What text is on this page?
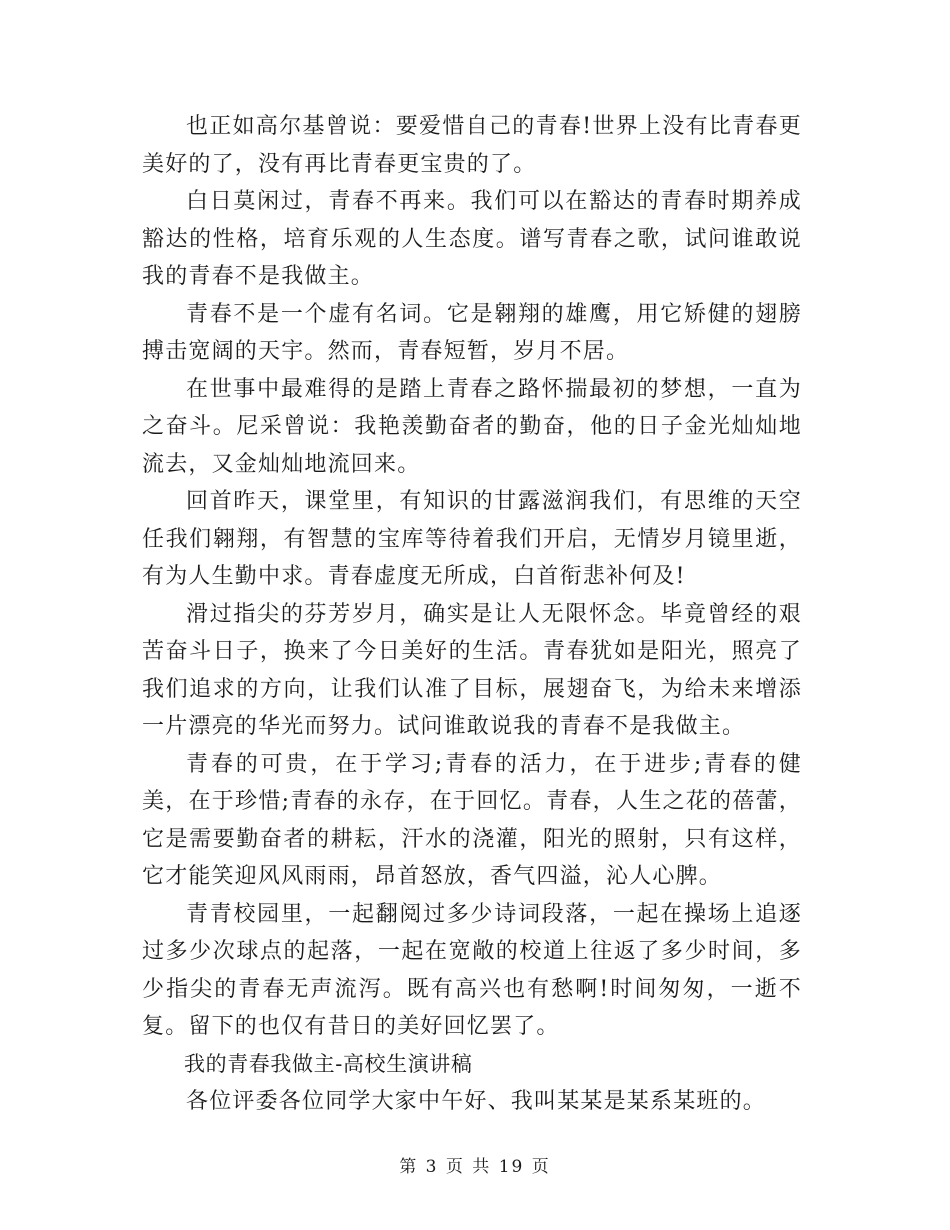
也正如高尔基曾说：要爱惜自己的青春!世界上没有比青春更美好的了，没有再比青春更宝贵的了。

白日莫闲过，青春不再来。我们可以在豁达的青春时期养成豁达的性格，培育乐观的人生态度。谱写青春之歌，试问谁敢说我的青春不是我做主。

青春不是一个虚有名词。它是翱翔的雄鹰，用它矫健的翅膀搏击宽阔的天宇。然而，青春短暂，岁月不居。

在世事中最难得的是踏上青春之路怀揣最初的梦想，一直为之奋斗。尼采曾说：我艳羡勤奋者的勤奋，他的日子金光灿灿地流去，又金灿灿地流回来。

回首昨天，课堂里，有知识的甘露滋润我们，有思维的天空任我们翱翔，有智慧的宝库等待着我们开启，无情岁月镜里逝，有为人生勤中求。青春虚度无所成，白首衔悲补何及!

滑过指尖的芬芳岁月，确实是让人无限怀念。毕竟曾经的艰苦奋斗日子，换来了今日美好的生活。青春犹如是阳光，照亮了我们追求的方向，让我们认准了目标，展翅奋飞，为给未来增添一片漂亮的华光而努力。试问谁敢说我的青春不是我做主。

青春的可贵，在于学习;青春的活力，在于进步;青春的健美，在于珍惜;青春的永存，在于回忆。青春，人生之花的蓓蕾，它是需要勤奋者的耕耘，汗水的浇灌，阳光的照射，只有这样，它才能笑迎风风雨雨，昂首怒放，香气四溢，沁人心脾。

青青校园里，一起翻阅过多少诗词段落，一起在操场上追逐过多少次球点的起落，一起在宽敞的校道上往返了多少时间，多少指尖的青春无声流泻。既有高兴也有愁啊!时间匆匆，一逝不复。留下的也仅有昔日的美好回忆罢了。

我的青春我做主-高校生演讲稿

各位评委各位同学大家中午好、我叫某某是某系某班的。

第 3 页 共 19 页
